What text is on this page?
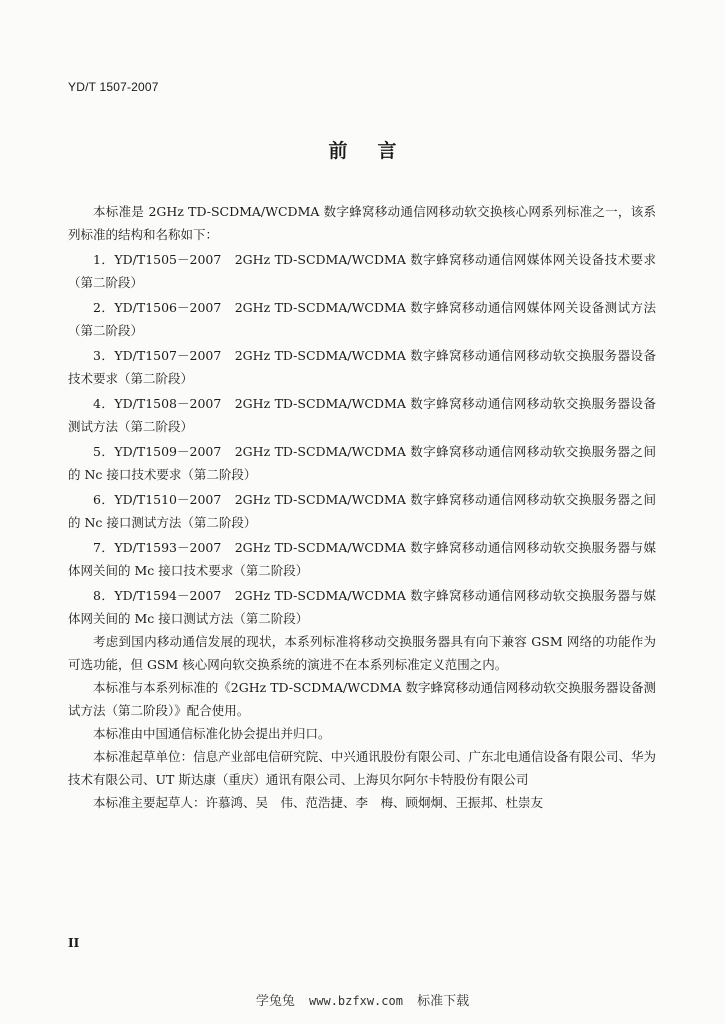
YD/T 1507-2007
前言

本标准是 2GHz TD-SCDMA/WCDMA 数字蜂窝移动通信网移动软交换核心网系列标准之一，该系列标准的结构和名称如下：

1．YD/T1505－2007　2GHz TD-SCDMA/WCDMA 数字蜂窝移动通信网媒体网关设备技术要求（第二阶段）

2．YD/T1506－2007　2GHz TD-SCDMA/WCDMA 数字蜂窝移动通信网媒体网关设备测试方法（第二阶段）

3．YD/T1507－2007　2GHz TD-SCDMA/WCDMA 数字蜂窝移动通信网移动软交换服务器设备技术要求（第二阶段）

4．YD/T1508－2007　2GHz TD-SCDMA/WCDMA 数字蜂窝移动通信网移动软交换服务器设备测试方法（第二阶段）

5．YD/T1509－2007　2GHz TD-SCDMA/WCDMA 数字蜂窝移动通信网移动软交换服务器之间的 Nc 接口技术要求（第二阶段）

6．YD/T1510－2007　2GHz TD-SCDMA/WCDMA 数字蜂窝移动通信网移动软交换服务器之间的 Nc 接口测试方法（第二阶段）

7．YD/T1593－2007　2GHz TD-SCDMA/WCDMA 数字蜂窝移动通信网移动软交换服务器与媒体网关间的 Mc 接口技术要求（第二阶段）

8．YD/T1594－2007　2GHz TD-SCDMA/WCDMA 数字蜂窝移动通信网移动软交换服务器与媒体网关间的 Mc 接口测试方法（第二阶段）

考虑到国内移动通信发展的现状，本系列标准将移动交换服务器具有向下兼容 GSM 网络的功能作为可选功能，但 GSM 核心网向软交换系统的演进不在本系列标准定义范围之内。

本标准与本系列标准的《2GHz TD-SCDMA/WCDMA 数字蜂窝移动通信网移动软交换服务器设备测试方法（第二阶段）》配合使用。

本标准由中国通信标准化协会提出并归口。

本标准起草单位：信息产业部电信研究院、中兴通讯股份有限公司、广东北电通信设备有限公司、华为技术有限公司、UT 斯达康（重庆）通讯有限公司、上海贝尔阿尔卡特股份有限公司

本标准主要起草人：许慕鸿、吴　伟、范浩捷、李　梅、顾炯炯、王振邦、杜崇友

II
学兔兔 www.bzfxw.com 标准下载
